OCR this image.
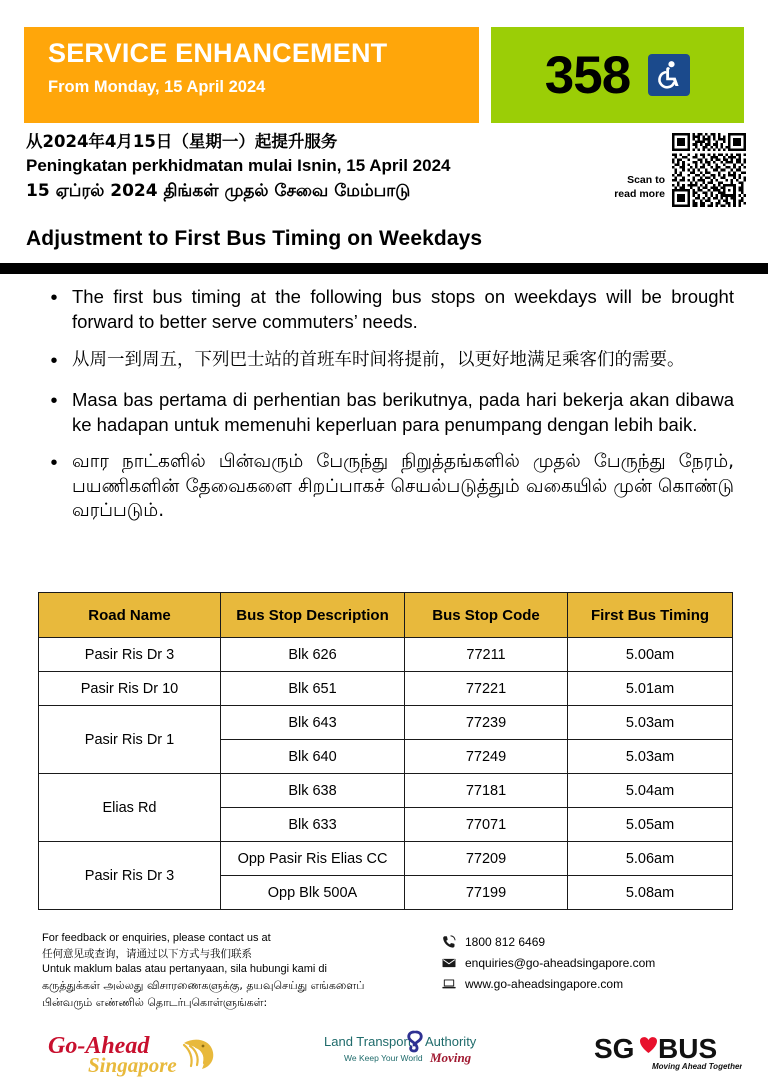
SERVICE ENHANCEMENT
From Monday, 15 April 2024	358
从2024年4月15日（星期一）起提升服务
Peningkatan perkhidmatan mulai Isnin, 15 April 2024
15 ஏப்ரல் 2024 திங்கள் முதல் சேவை மேம்பாடு
Scan to
read more
Adjustment to First Bus Timing on Weekdays
• The first bus timing at the following bus stops on weekdays will be brought forward to better serve commuters’ needs.
• 从周一到周五，下列巴士站的首班车时间将提前，以更好地满足乘客们的需要。
• Masa bas pertama di perhentian bas berikutnya, pada hari bekerja akan dibawa ke hadapan untuk memenuhi keperluan para penumpang dengan lebih baik.
• வார நாட்களில் பின்வரும் பேருந்து நிறுத்தங்களில் முதல் பேருந்து நேரம், பயணிகளின் தேவைகளை சிறப்பாகச் செயல்படுத்தும் வகையில் முன் கொண்டு வரப்படும்.
Road Name	Bus Stop Description	Bus Stop Code	First Bus Timing
Pasir Ris Dr 3	Blk 626	77211	5.00am
Pasir Ris Dr 10	Blk 651	77221	5.01am
Pasir Ris Dr 1	Blk 643	77239	5.03am
	Blk 640	77249	5.03am
Elias Rd	Blk 638	77181	5.04am
	Blk 633	77071	5.05am
Pasir Ris Dr 3	Opp Pasir Ris Elias CC	77209	5.06am
	Opp Blk 500A	77199	5.08am
For feedback or enquiries, please contact us at
任何意见或查询，请通过以下方式与我们联系
Untuk maklum balas atau pertanyaan, sila hubungi kami di
கருத்துக்கள் அல்லது விசாரணைகளுக்கு, தயவுசெய்து எங்களைப்
பின்வரும் எண்ணில் தொடர்புகொள்ளுங்கள்:
1800 812 6469
enquiries@go-aheadsingapore.com
www.go-aheadsingapore.com
Go-Ahead
Singapore
Land Transport Authority
We Keep Your World Moving	SG BUS
Moving Ahead Together
